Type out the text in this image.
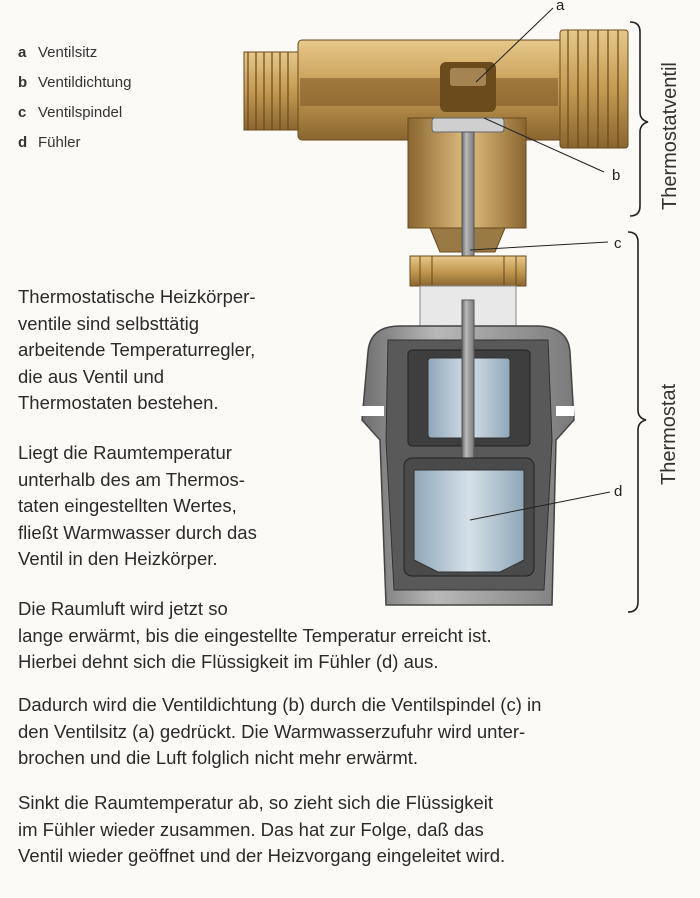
a Ventilsitz
b Ventildichtung
c Ventilspindel
d Fühler
a
b
c
d
Thermostatventil
Thermostat
Thermostatische Heizkörper-
ventile sind selbsttätig
arbeitende Temperaturregler,
die aus Ventil und
Thermostaten bestehen.
Liegt die Raumtemperatur
unterhalb des am Thermos-
taten eingestellten Wertes,
fließt Warmwasser durch das
Ventil in den Heizkörper.
Die Raumluft wird jetzt so
lange erwärmt, bis die eingestellte Temperatur erreicht ist.
Hierbei dehnt sich die Flüssigkeit im Fühler (d) aus.
Dadurch wird die Ventildichtung (b) durch die Ventilspindel (c) in
den Ventilsitz (a) gedrückt. Die Warmwasserzufuhr wird unter-
brochen und die Luft folglich nicht mehr erwärmt.
Sinkt die Raumtemperatur ab, so zieht sich die Flüssigkeit
im Fühler wieder zusammen. Das hat zur Folge, daß das
Ventil wieder geöffnet und der Heizvorgang eingeleitet wird.
